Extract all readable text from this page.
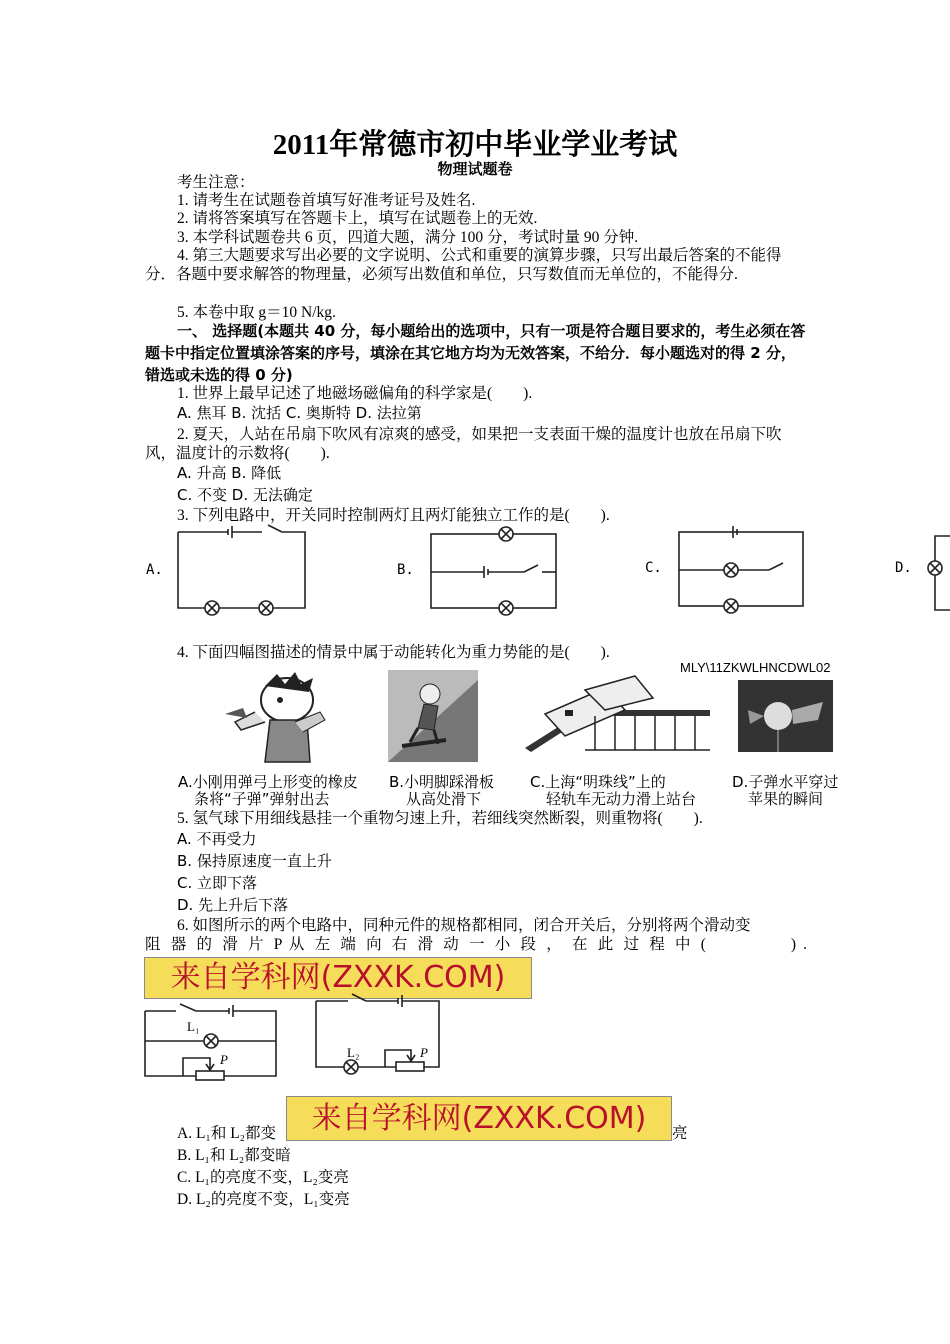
2011年常德市初中毕业学业考试
物理试题卷
考生注意：
1. 请考生在试题卷首填写好准考证号及姓名.
2. 请将答案填写在答题卡上，填写在试题卷上的无效.
3. 本学科试题卷共 6 页，四道大题，满分 100 分，考试时量 90 分钟.
4. 第三大题要求写出必要的文字说明、公式和重要的演算步骤，只写出最后答案的不能得分．各题中要求解答的物理量，必须写出数值和单位，只写数值而无单位的，不能得分.
5. 本卷中取 g＝10 N/kg.
一、 选择题(本题共 40 分，每小题给出的选项中，只有一项是符合题目要求的，考生必须在答题卡中指定位置填涂答案的序号，填涂在其它地方均为无效答案，不给分．每小题选对的得 2 分，错选或未选的得 0 分)
1. 世界上最早记述了地磁场磁偏角的科学家是(　　).
A. 焦耳 B. 沈括 C. 奥斯特 D. 法拉第
2. 夏天，人站在吊扇下吹风有凉爽的感受，如果把一支表面干燥的温度计也放在吊扇下吹风，温度计的示数将(　　).
A. 升高 B. 降低
C. 不变 D. 无法确定
3. 下列电路中，开关同时控制两灯且两灯能独立工作的是(　　).
A.	B.	C.	D.
4. 下面四幅图描述的情景中属于动能转化为重力势能的是(　　).
MLY\11ZKWLHNCDWL02
A.小刚用弹弓上形变的橡皮
条将“子弹”弹射出去
B.小明脚踩滑板
从高处滑下
C.上海“明珠线”上的
轻轨车无动力滑上站台
D.子弹水平穿过
苹果的瞬间
5. 氢气球下用细线悬挂一个重物匀速上升，若细线突然断裂，则重物将(　　).
A. 不再受力
B. 保持原速度一直上升
C. 立即下落
D. 先上升后下落
6. 如图所示的两个电路中，同种元件的规格都相同，闭合开关后，分别将两个滑动变
阻 器 的 滑 片 P 从 左 端 向 右 滑 动 一 小 段 ， 在 此 过 程 中 (　　　　 ) .
来自学科网(ZXXK.COM)
L₁
P	L₂	P
A. L₁和 L₂都变	亮
来自学科网(ZXXK.COM)
B. L₁和 L₂都变暗
C. L₁的亮度不变，L₂变亮
D. L₂的亮度不变，L₁变亮
